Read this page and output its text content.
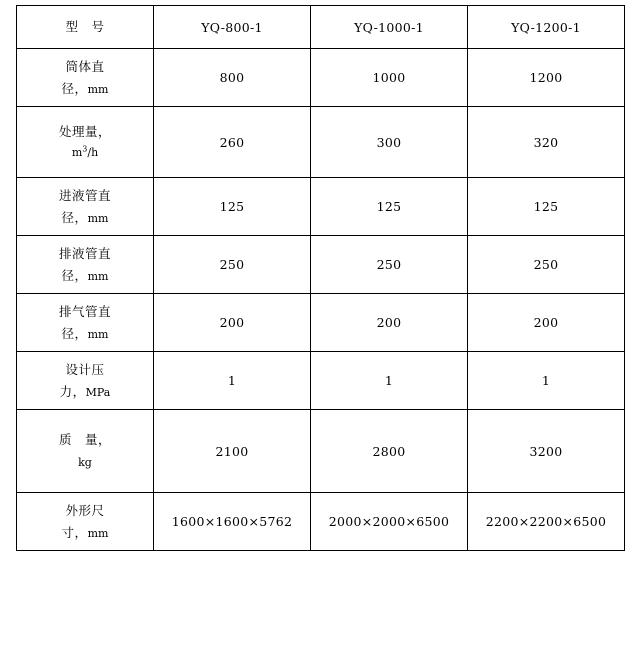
型　号	YQ-800-1	YQ-1000-1	YQ-1200-1

筒体直
径，mm	800	1000	1200

处理量，
$m^3/h$	260	300	320

进液管直
径，mm	125	125	125

排液管直
径，mm	250	250	250

排气管直
径，mm	200	200	200

设计压
力，MPa	1	1	1

质　量，
kg	2100	2800	3200

外形尺
寸，mm	1600×1600×5762	2000×2000×6500	2200×2200×6500
